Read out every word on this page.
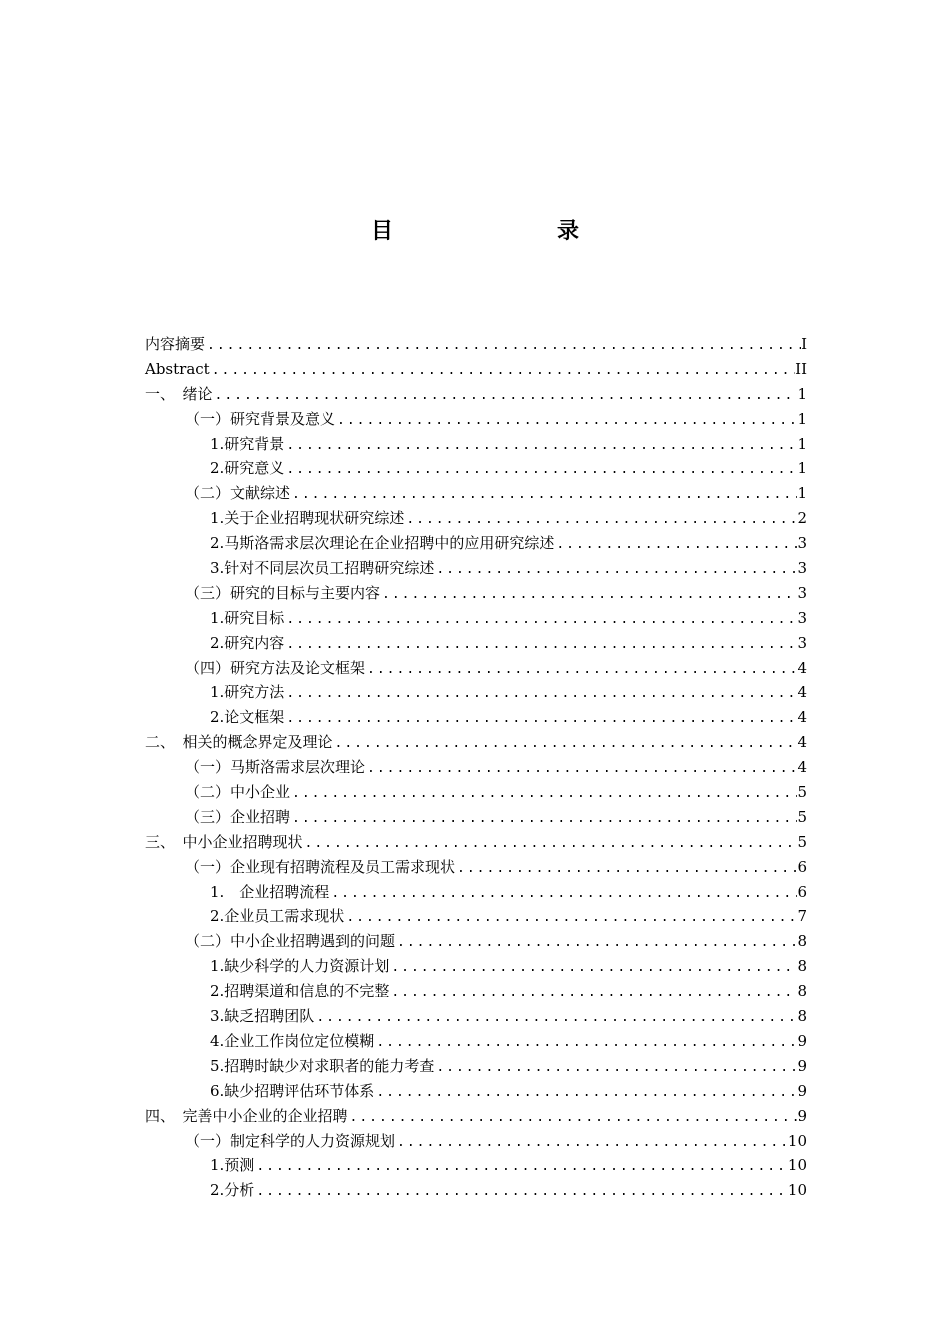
目　　录
内容摘要 .....	I
Abstract .....	II
一、　绪论 .....	1
（一）研究背景及意义 .....	1
1.研究背景 .....	1
2.研究意义 .....	1
（二）文献综述 .....	1
1.关于企业招聘现状研究综述 .....	2
2.马斯洛需求层次理论在企业招聘中的应用研究综述 .....	3
3.针对不同层次员工招聘研究综述 .....	3
（三）研究的目标与主要内容 .....	3
1.研究目标 .....	3
2.研究内容 .....	3
（四）研究方法及论文框架 .....	4
1.研究方法 .....	4
2.论文框架 .....	4
二、　相关的概念界定及理论 .....	4
（一）马斯洛需求层次理论 .....	4
（二）中小企业 .....	5
（三）企业招聘 .....	5
三、　中小企业招聘现状 .....	5
（一）企业现有招聘流程及员工需求现状 .....	6
1.　企业招聘流程 .....	6
2.企业员工需求现状 .....	7
（二）中小企业招聘遇到的问题 .....	8
1.缺少科学的人力资源计划 .....	8
2.招聘渠道和信息的不完整 .....	8
3.缺乏招聘团队 .....	8
4.企业工作岗位定位模糊 .....	9
5.招聘时缺少对求职者的能力考查 .....	9
6.缺少招聘评估环节体系 .....	9
四、　完善中小企业的企业招聘 .....	9
（一）制定科学的人力资源规划 .....	10
1.预测 .....	10
2.分析 .....	10
